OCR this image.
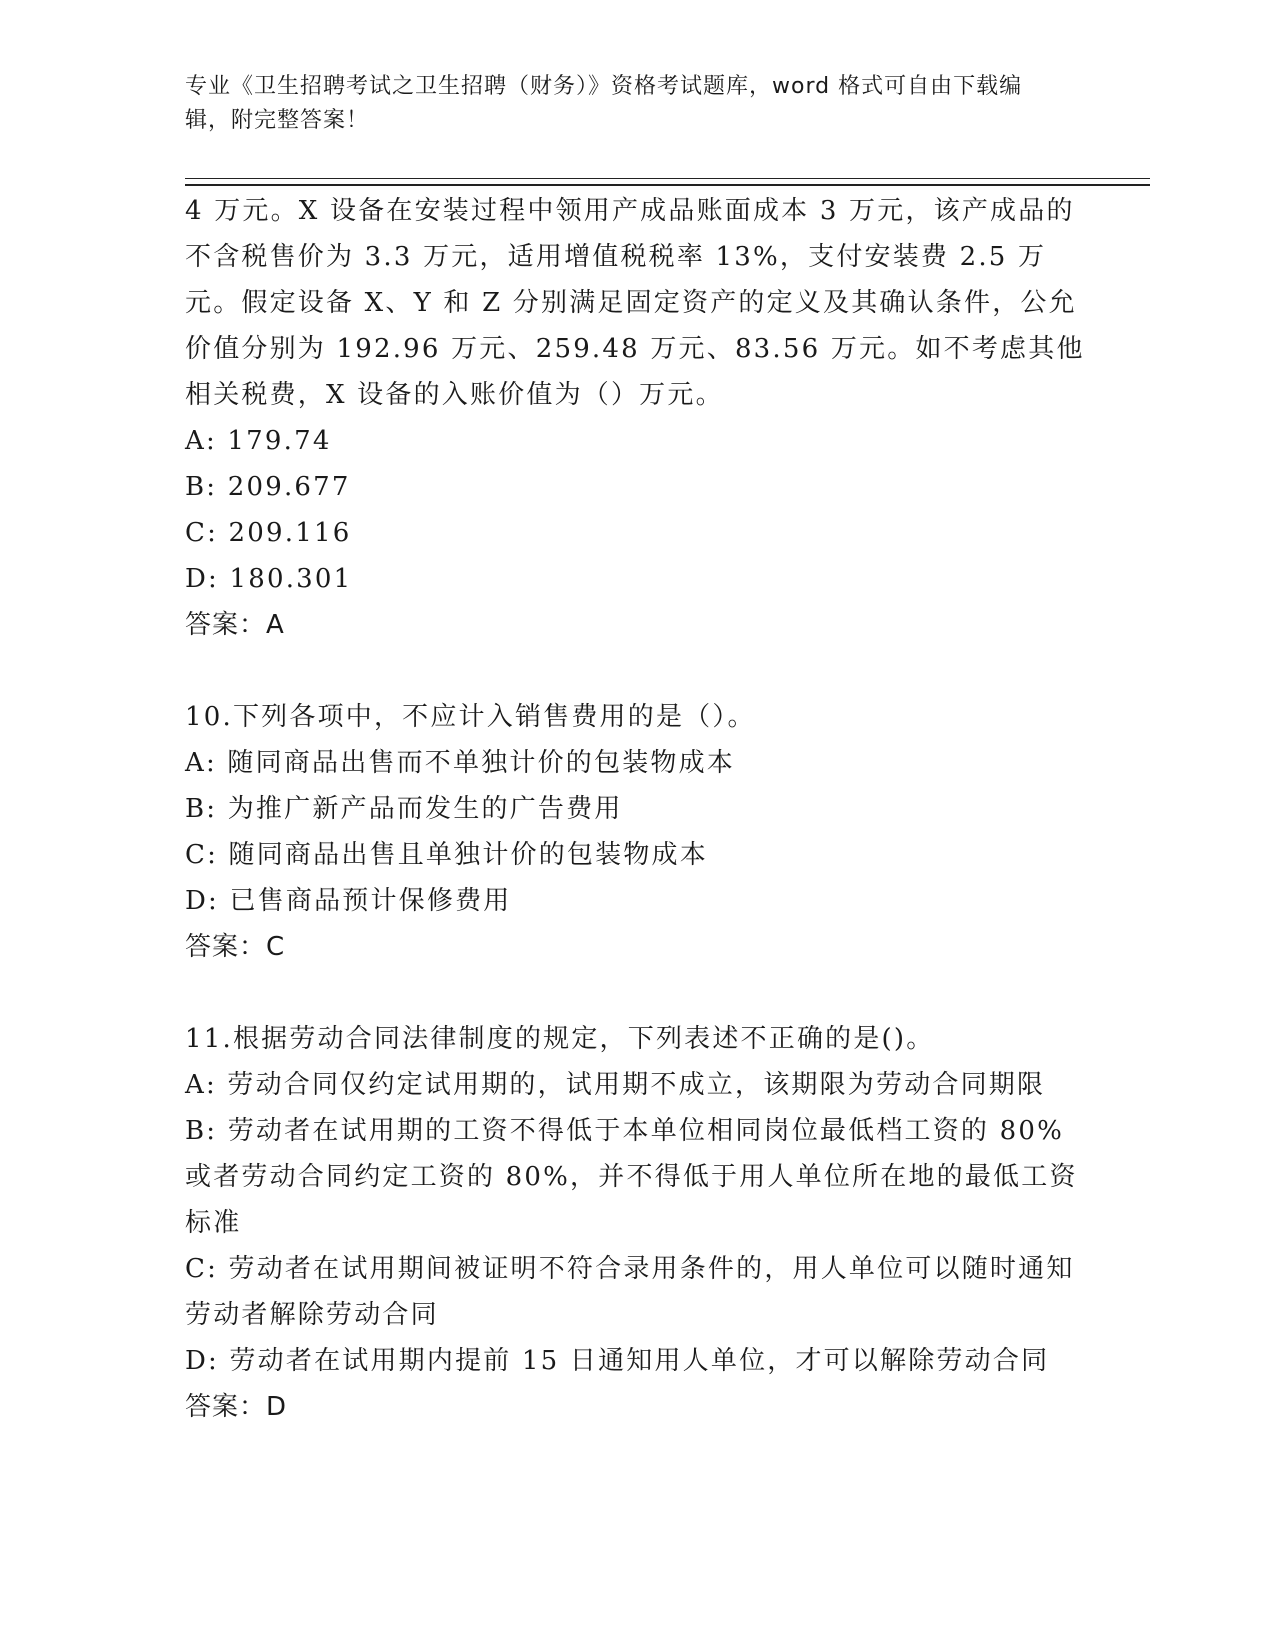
专业《卫生招聘考试之卫生招聘（财务）》资格考试题库，word 格式可自由下载编辑，附完整答案！

4 万元。X 设备在安装过程中领用产成品账面成本 3 万元，该产成品的不含税售价为 3.3 万元，适用增值税税率 13%，支付安装费 2.5 万元。假定设备 X、Y 和 Z 分别满足固定资产的定义及其确认条件，公允价值分别为 192.96 万元、259.48 万元、83.56 万元。如不考虑其他相关税费，X 设备的入账价值为（）万元。

A: 179.74

B: 209.677

C: 209.116

D: 180.301

答案：A

10.下列各项中，不应计入销售费用的是（）。

A: 随同商品出售而不单独计价的包装物成本

B: 为推广新产品而发生的广告费用

C: 随同商品出售且单独计价的包装物成本

D: 已售商品预计保修费用

答案：C

11.根据劳动合同法律制度的规定，下列表述不正确的是()。

A: 劳动合同仅约定试用期的，试用期不成立，该期限为劳动合同期限

B: 劳动者在试用期的工资不得低于本单位相同岗位最低档工资的 80%或者劳动合同约定工资的 80%，并不得低于用人单位所在地的最低工资标准

C: 劳动者在试用期间被证明不符合录用条件的，用人单位可以随时通知劳动者解除劳动合同

D: 劳动者在试用期内提前 15 日通知用人单位，才可以解除劳动合同

答案：D
